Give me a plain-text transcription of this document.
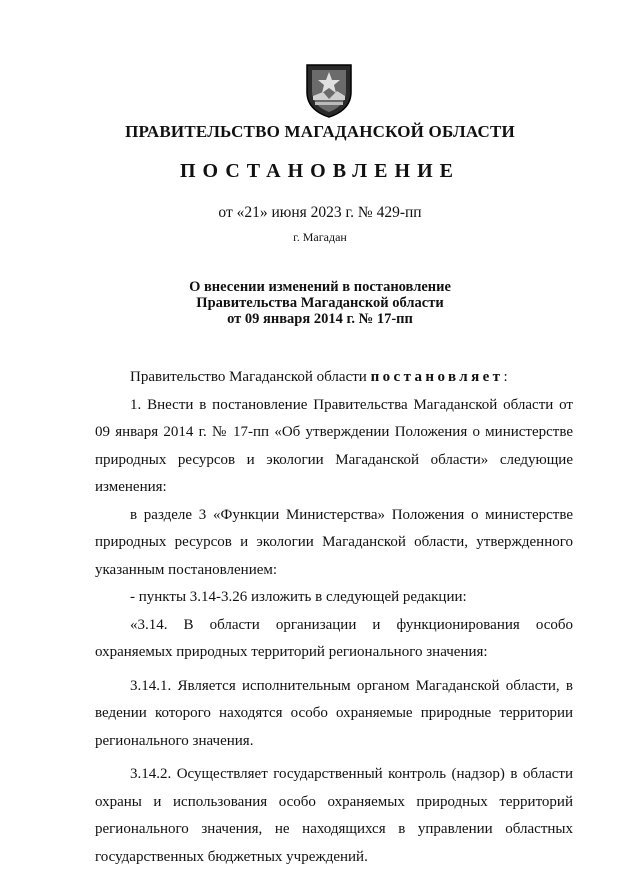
ПРАВИТЕЛЬСТВО МАГАДАНСКОЙ ОБЛАСТИ
ПОСТАНОВЛЕНИЕ
от «21» июня 2023 г. № 429-пп
г. Магадан
О внесении изменений в постановление
Правительства Магаданской области
от 09 января 2014 г. № 17-пп

Правительство Магаданской области постановляет:

1. Внести в постановление Правительства Магаданской области от 09 января 2014 г. № 17-пп «Об утверждении Положения о министерстве природных ресурсов и экологии Магаданской области» следующие изменения:

в разделе 3 «Функции Министерства» Положения о министерстве природных ресурсов и экологии Магаданской области, утвержденного указанным постановлением:

- пункты 3.14-3.26 изложить в следующей редакции:

«3.14. В области организации и функционирования особо охраняемых природных территорий регионального значения:

3.14.1. Является исполнительным органом Магаданской области, в ведении которого находятся особо охраняемые природные территории регионального значения.

3.14.2. Осуществляет государственный контроль (надзор) в области охраны и использования особо охраняемых природных территорий регионального значения, не находящихся в управлении областных государственных бюджетных учреждений.
